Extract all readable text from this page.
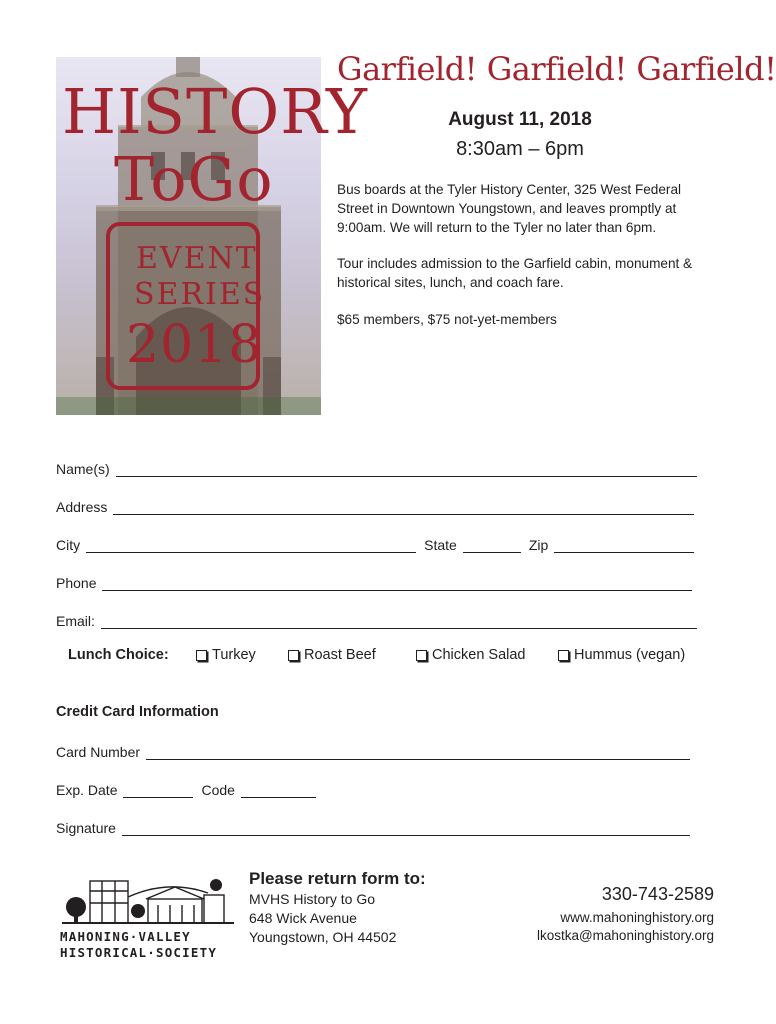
HISTORY
ToGo
EVENT
SERIES
2018
Garfield! Garfield! Garfield!
August 11, 2018
8:30am – 6pm
Bus boards at the Tyler History Center, 325 West Federal Street in Downtown Youngstown, and leaves promptly at 9:00am. We will return to the Tyler no later than 6pm.
Tour includes admission to the Garfield cabin, monument & historical sites, lunch, and coach fare.
$65 members, $75 not-yet-members
Name(s)
Address
City	State	Zip
Phone
Email:
Lunch Choice:	Turkey	Roast Beef	Chicken Salad	Hummus (vegan)
Credit Card Information
Card Number
Exp. Date	Code
Signature
MAHONING·VALLEY
HISTORICAL·SOCIETY
Please return form to:
MVHS History to Go
648 Wick Avenue
Youngstown, OH 44502
330-743-2589
www.mahoninghistory.org
lkostka@mahoninghistory.org
